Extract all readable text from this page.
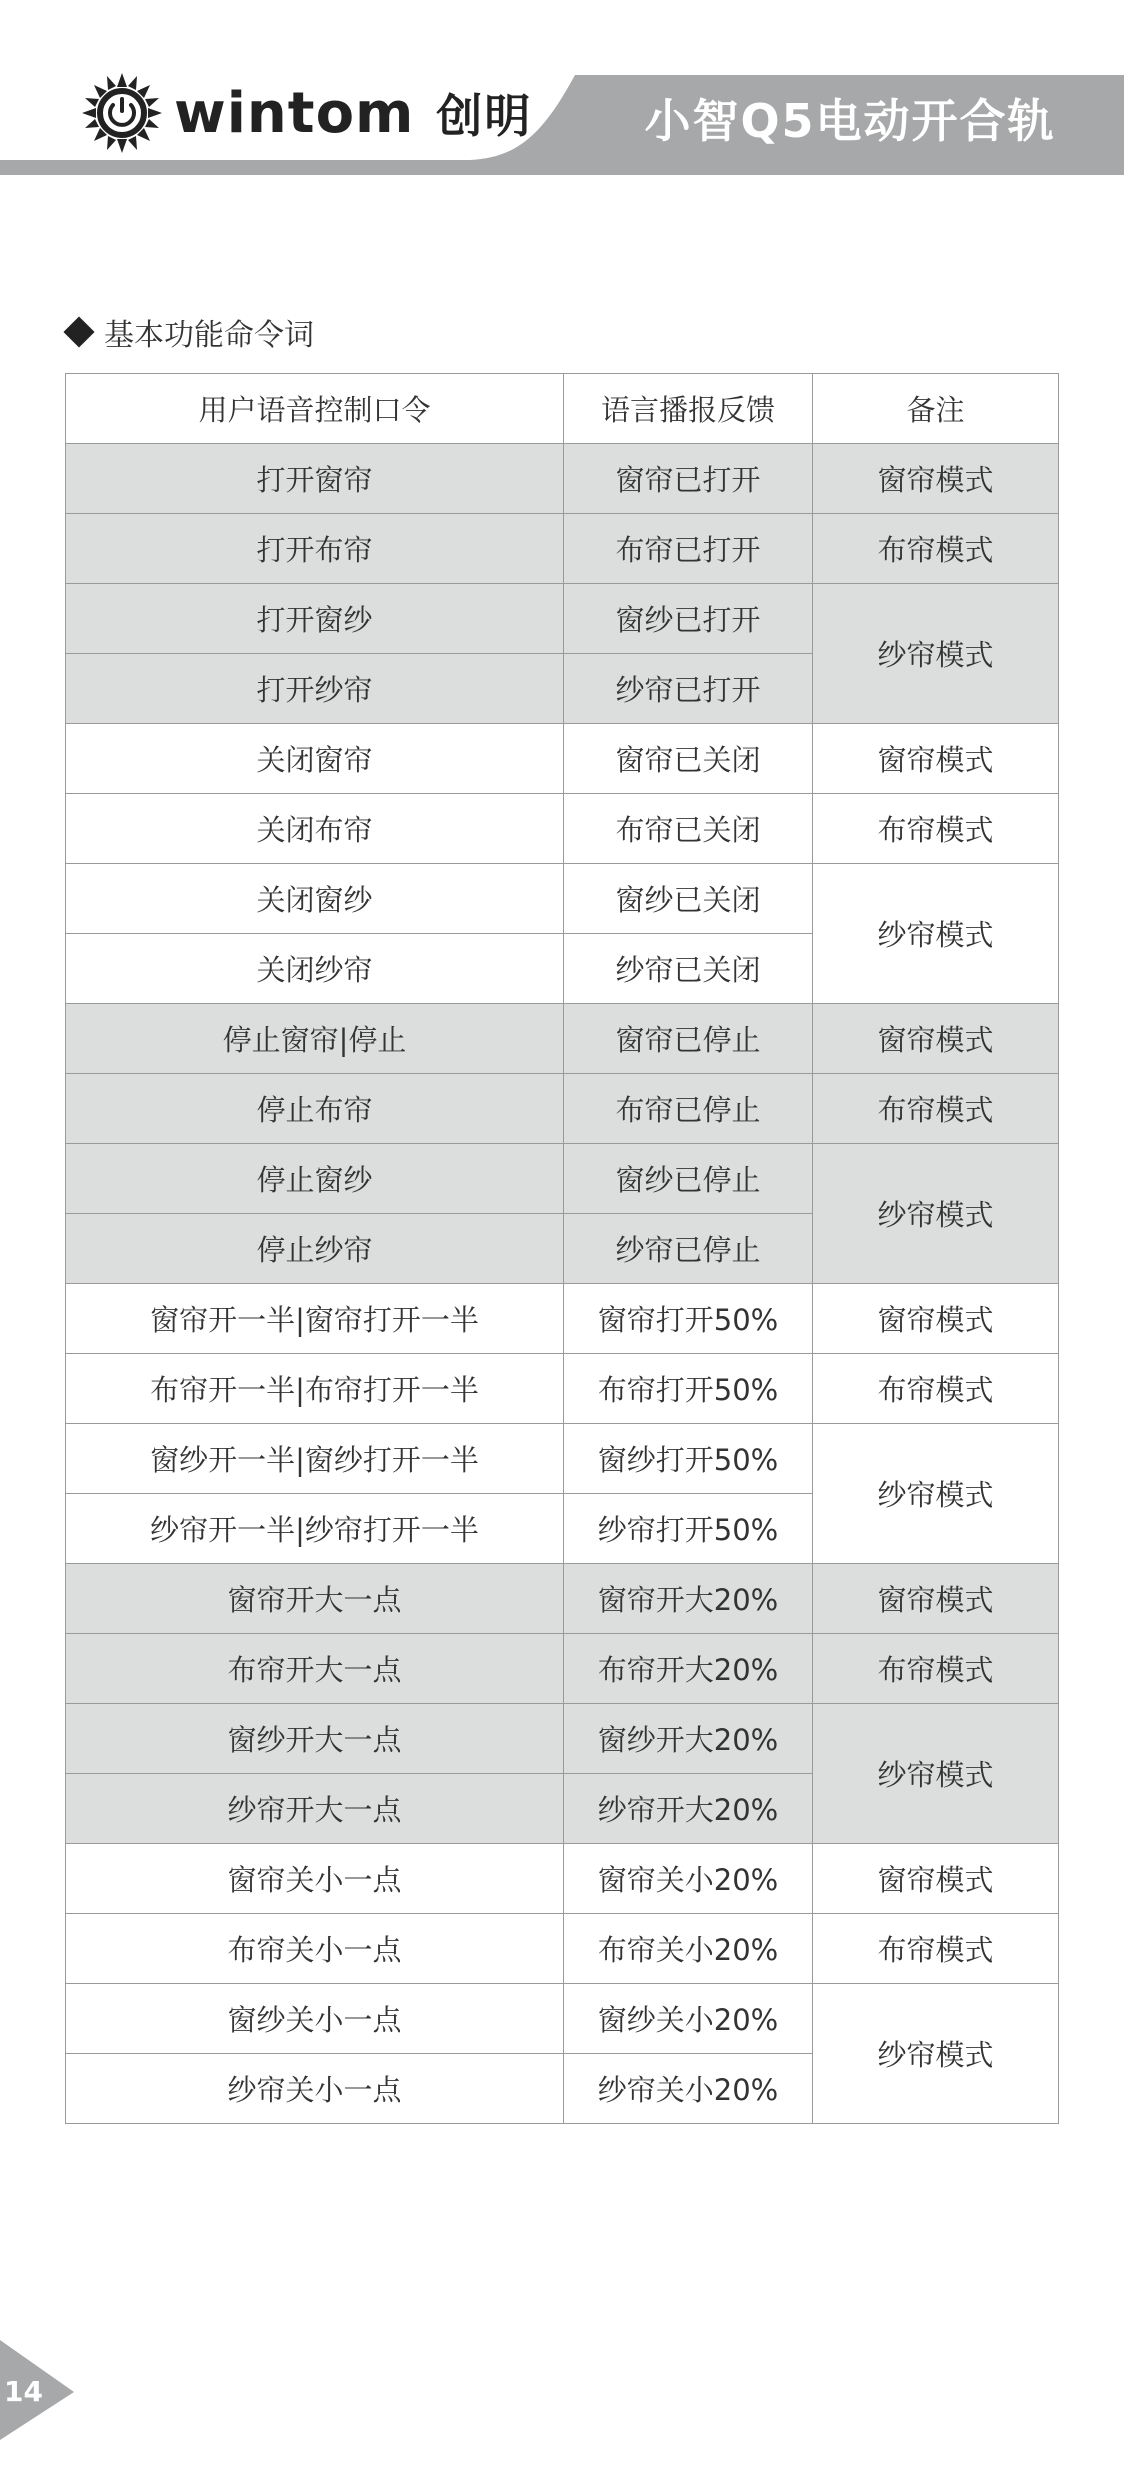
wintom 创明	小智Q5电动开合轨
基本功能命令词
用户语音控制口令	语言播报反馈	备注
打开窗帘	窗帘已打开	窗帘模式
打开布帘	布帘已打开	布帘模式
打开窗纱	窗纱已打开	纱帘模式
打开纱帘	纱帘已打开	
关闭窗帘	窗帘已关闭	窗帘模式
关闭布帘	布帘已关闭	布帘模式
关闭窗纱	窗纱已关闭	纱帘模式
关闭纱帘	纱帘已关闭	
停止窗帘|停止	窗帘已停止	窗帘模式
停止布帘	布帘已停止	布帘模式
停止窗纱	窗纱已停止	纱帘模式
停止纱帘	纱帘已停止	
窗帘开一半|窗帘打开一半	窗帘打开50%	窗帘模式
布帘开一半|布帘打开一半	布帘打开50%	布帘模式
窗纱开一半|窗纱打开一半	窗纱打开50%	纱帘模式
纱帘开一半|纱帘打开一半	纱帘打开50%	
窗帘开大一点	窗帘开大20%	窗帘模式
布帘开大一点	布帘开大20%	布帘模式
窗纱开大一点	窗纱开大20%	纱帘模式
纱帘开大一点	纱帘开大20%	
窗帘关小一点	窗帘关小20%	窗帘模式
布帘关小一点	布帘关小20%	布帘模式
窗纱关小一点	窗纱关小20%	纱帘模式
纱帘关小一点	纱帘关小20%	
14
